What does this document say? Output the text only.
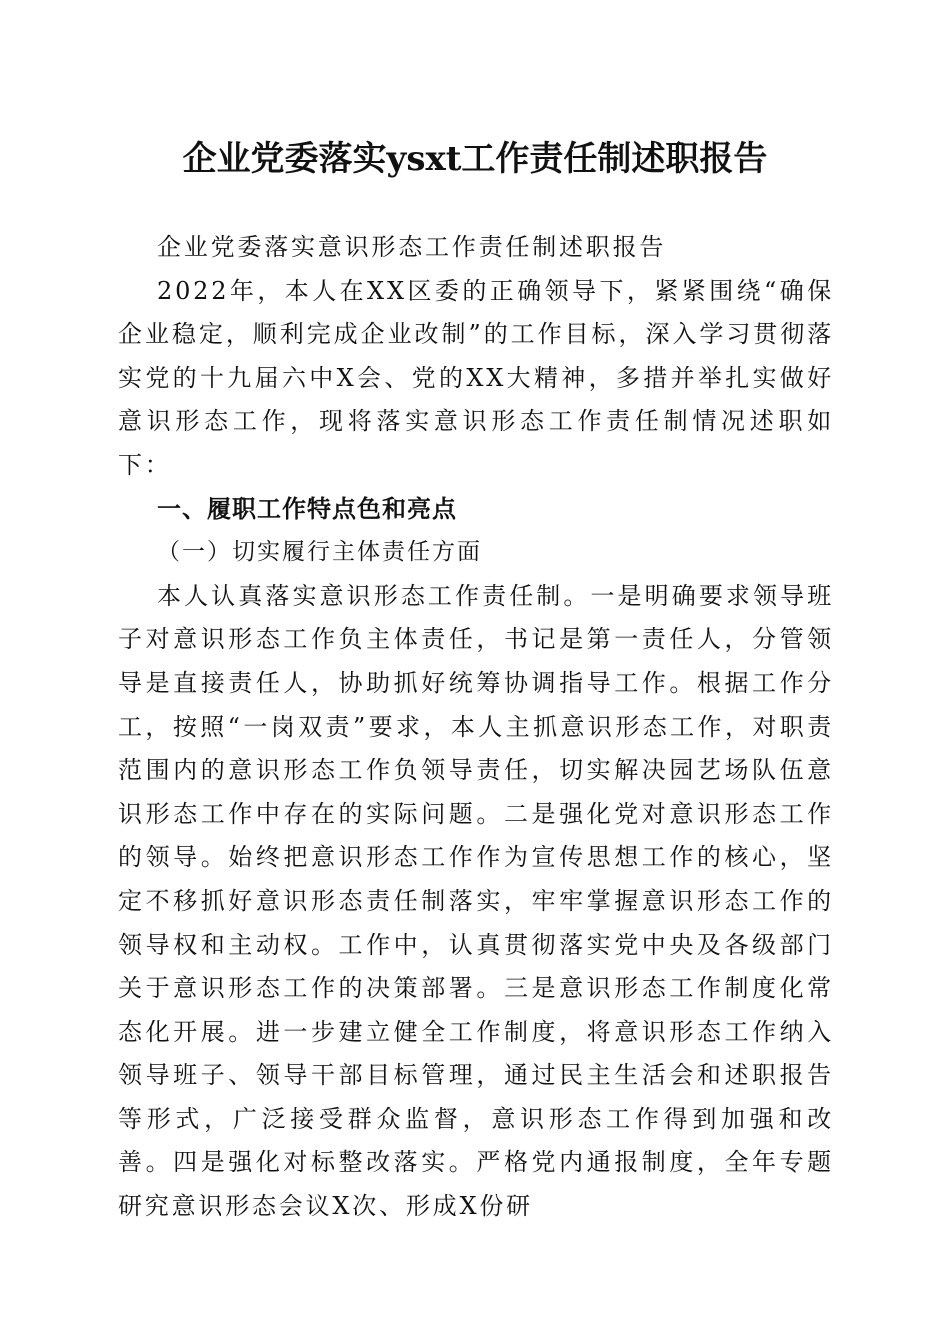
企业党委落实ysxt工作责任制述职报告

企业党委落实意识形态工作责任制述职报告

2022年，本人在XX区委的正确领导下，紧紧围绕“确保企业稳定，顺利完成企业改制”的工作目标，深入学习贯彻落实党的十九届六中X会、党的XX大精神，多措并举扎实做好意识形态工作，现将落实意识形态工作责任制情况述职如下：

一、履职工作特点色和亮点
（一）切实履行主体责任方面

本人认真落实意识形态工作责任制。一是明确要求领导班子对意识形态工作负主体责任，书记是第一责任人，分管领导是直接责任人，协助抓好统筹协调指导工作。根据工作分工，按照“一岗双责”要求，本人主抓意识形态工作，对职责范围内的意识形态工作负领导责任，切实解决园艺场队伍意识形态工作中存在的实际问题。二是强化党对意识形态工作的领导。始终把意识形态工作作为宣传思想工作的核心，坚定不移抓好意识形态责任制落实，牢牢掌握意识形态工作的领导权和主动权。工作中，认真贯彻落实党中央及各级部门关于意识形态工作的决策部署。三是意识形态工作制度化常态化开展。进一步建立健全工作制度，将意识形态工作纳入领导班子、领导干部目标管理，通过民主生活会和述职报告等形式，广泛接受群众监督，意识形态工作得到加强和改善。四是强化对标整改落实。严格党内通报制度，全年专题研究意识形态会议X次、形成X份研
